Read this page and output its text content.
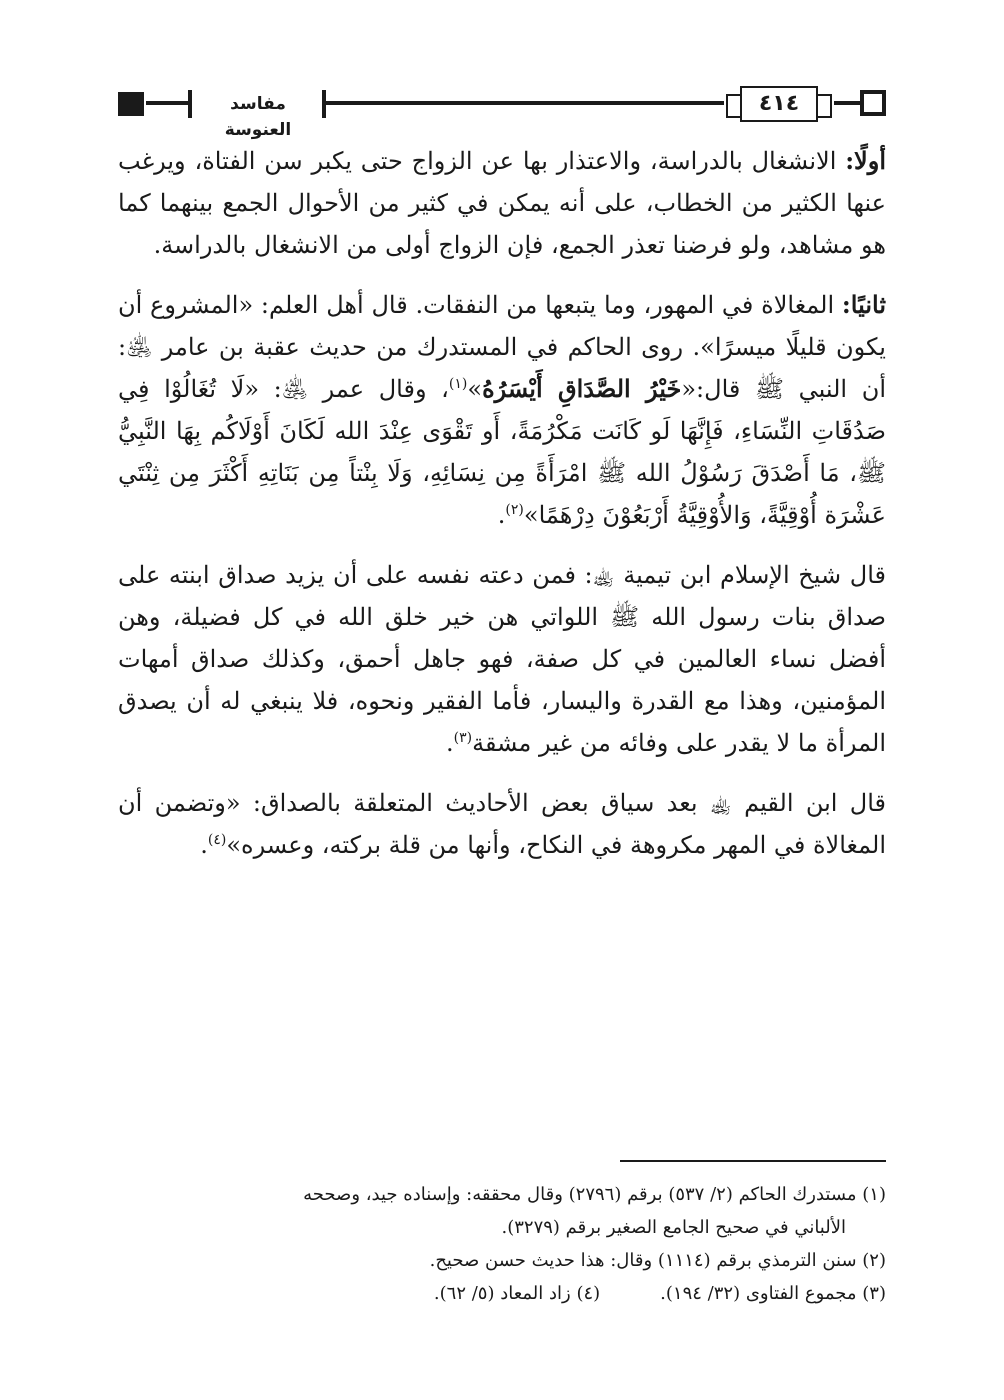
مفاسد العنوسة
٤١٤

أولًا: الانشغال بالدراسة، والاعتذار بها عن الزواج حتى يكبر سن الفتاة، ويرغب عنها الكثير من الخطاب، على أنه يمكن في كثير من الأحوال الجمع بينهما كما هو مشاهد، ولو فرضنا تعذر الجمع، فإن الزواج أولى من الانشغال بالدراسة.

ثانيًا: المغالاة في المهور، وما يتبعها من النفقات. قال أهل العلم: «المشروع أن يكون قليلًا ميسرًا». روى الحاكم في المستدرك من حديث عقبة بن عامر ﵁: أن النبي ﷺ قال:«خَيْرُ الصَّدَاقِ أَيْسَرُهُ»$^{(١)}$، وقال عمر ﵁: «لَا تُغَالُوْا فِي صَدُقَاتِ النِّسَاءِ، فَإِنَّهَا لَو كَانَت مَكْرُمَةً، أَو تَقْوَى عِنْدَ الله لَكَانَ أَوْلَاكُم بِهَا النَّبِيُّ ﷺ، مَا أَصْدَقَ رَسُوْلُ الله ﷺ امْرَأَةً مِن نِسَائِهِ، وَلَا بِنْتاً مِن بَنَاتِهِ أَكْثَرَ مِن ثِنْتَي عَشْرَة أُوْقِيَّةً، وَالأُوْقِيَّةُ أَرْبَعُوْنَ دِرْهَمًا»$^{(٢)}$.

قال شيخ الإسلام ابن تيمية ﵀: فمن دعته نفسه على أن يزيد صداق ابنته على صداق بنات رسول الله ﷺ اللواتي هن خير خلق الله في كل فضيلة، وهن أفضل نساء العالمين في كل صفة، فهو جاهل أحمق، وكذلك صداق أمهات المؤمنين، وهذا مع القدرة واليسار، فأما الفقير ونحوه، فلا ينبغي له أن يصدق المرأة ما لا يقدر على وفائه من غير مشقة$^{(٣)}$.

قال ابن القيم ﵀ بعد سياق بعض الأحاديث المتعلقة بالصداق: «وتضمن أن المغالاة في المهر مكروهة في النكاح، وأنها من قلة بركته، وعسره»$^{(٤)}$.

(١) مستدرك الحاكم (٢/ ٥٣٧) برقم (٢٧٩٦) وقال محققه: وإسناده جيد، وصححه

الألباني في صحيح الجامع الصغير برقم (٣٢٧٩).

(٢) سنن الترمذي برقم (١١١٤) وقال: هذا حديث حسن صحيح.

(٣) مجموع الفتاوى (٣٢/ ١٩٤).
(٤) زاد المعاد (٥/ ٦٢).
